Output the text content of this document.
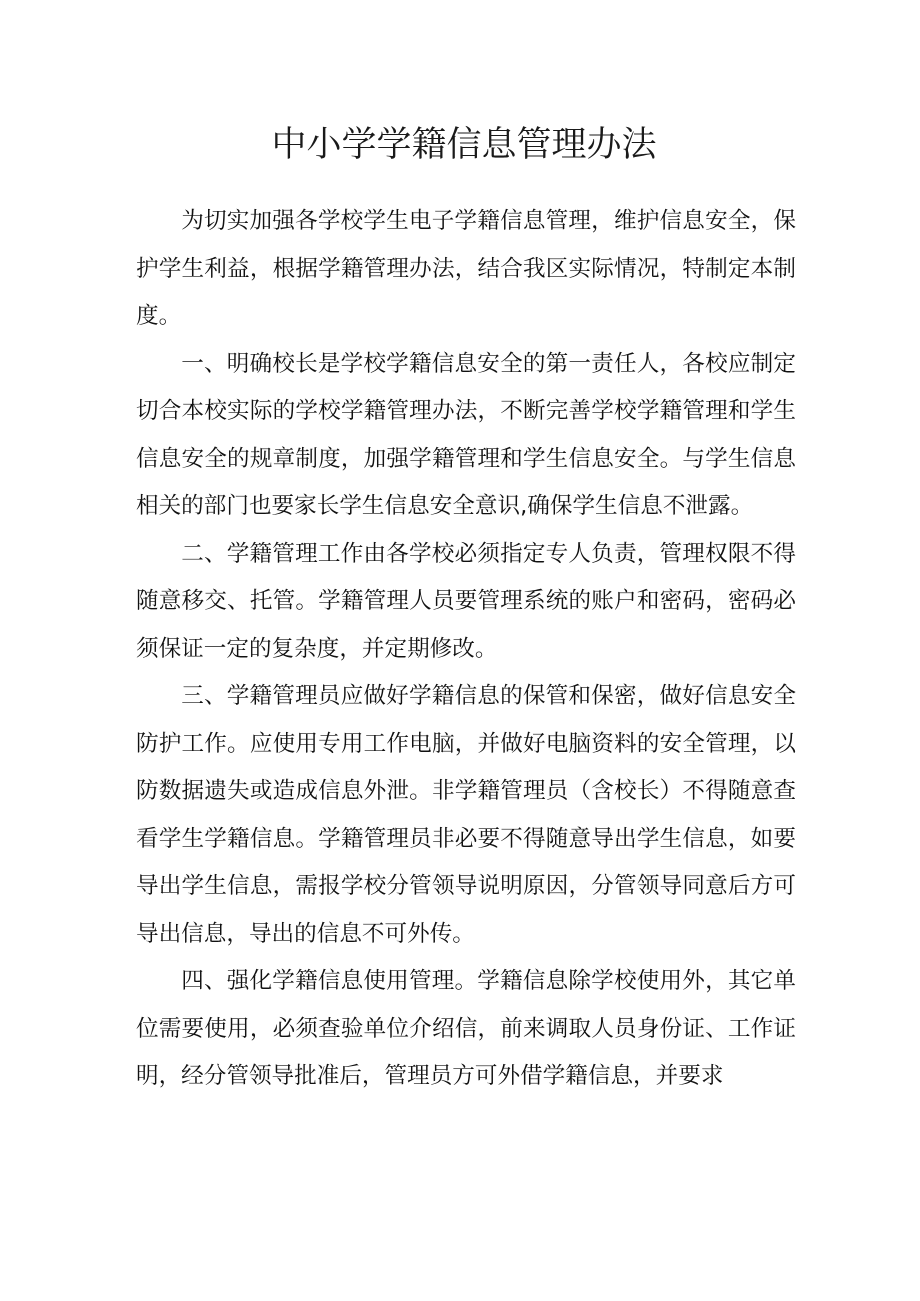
中小学学籍信息管理办法

为切实加强各学校学生电子学籍信息管理，维护信息安全，保护学生利益，根据学籍管理办法，结合我区实际情况，特制定本制度。

一、明确校长是学校学籍信息安全的第一责任人，各校应制定切合本校实际的学校学籍管理办法，不断完善学校学籍管理和学生信息安全的规章制度，加强学籍管理和学生信息安全。与学生信息相关的部门也要家长学生信息安全意识,确保学生信息不泄露。

二、学籍管理工作由各学校必须指定专人负责，管理权限不得随意移交、托管。学籍管理人员要管理系统的账户和密码，密码必须保证一定的复杂度，并定期修改。

三、学籍管理员应做好学籍信息的保管和保密，做好信息安全防护工作。应使用专用工作电脑，并做好电脑资料的安全管理，以防数据遗失或造成信息外泄。非学籍管理员（含校长）不得随意查看学生学籍信息。学籍管理员非必要不得随意导出学生信息，如要导出学生信息，需报学校分管领导说明原因，分管领导同意后方可导出信息，导出的信息不可外传。

四、强化学籍信息使用管理。学籍信息除学校使用外，其它单位需要使用，必须查验单位介绍信，前来调取人员身份证、工作证明，经分管领导批准后，管理员方可外借学籍信息，并要求
